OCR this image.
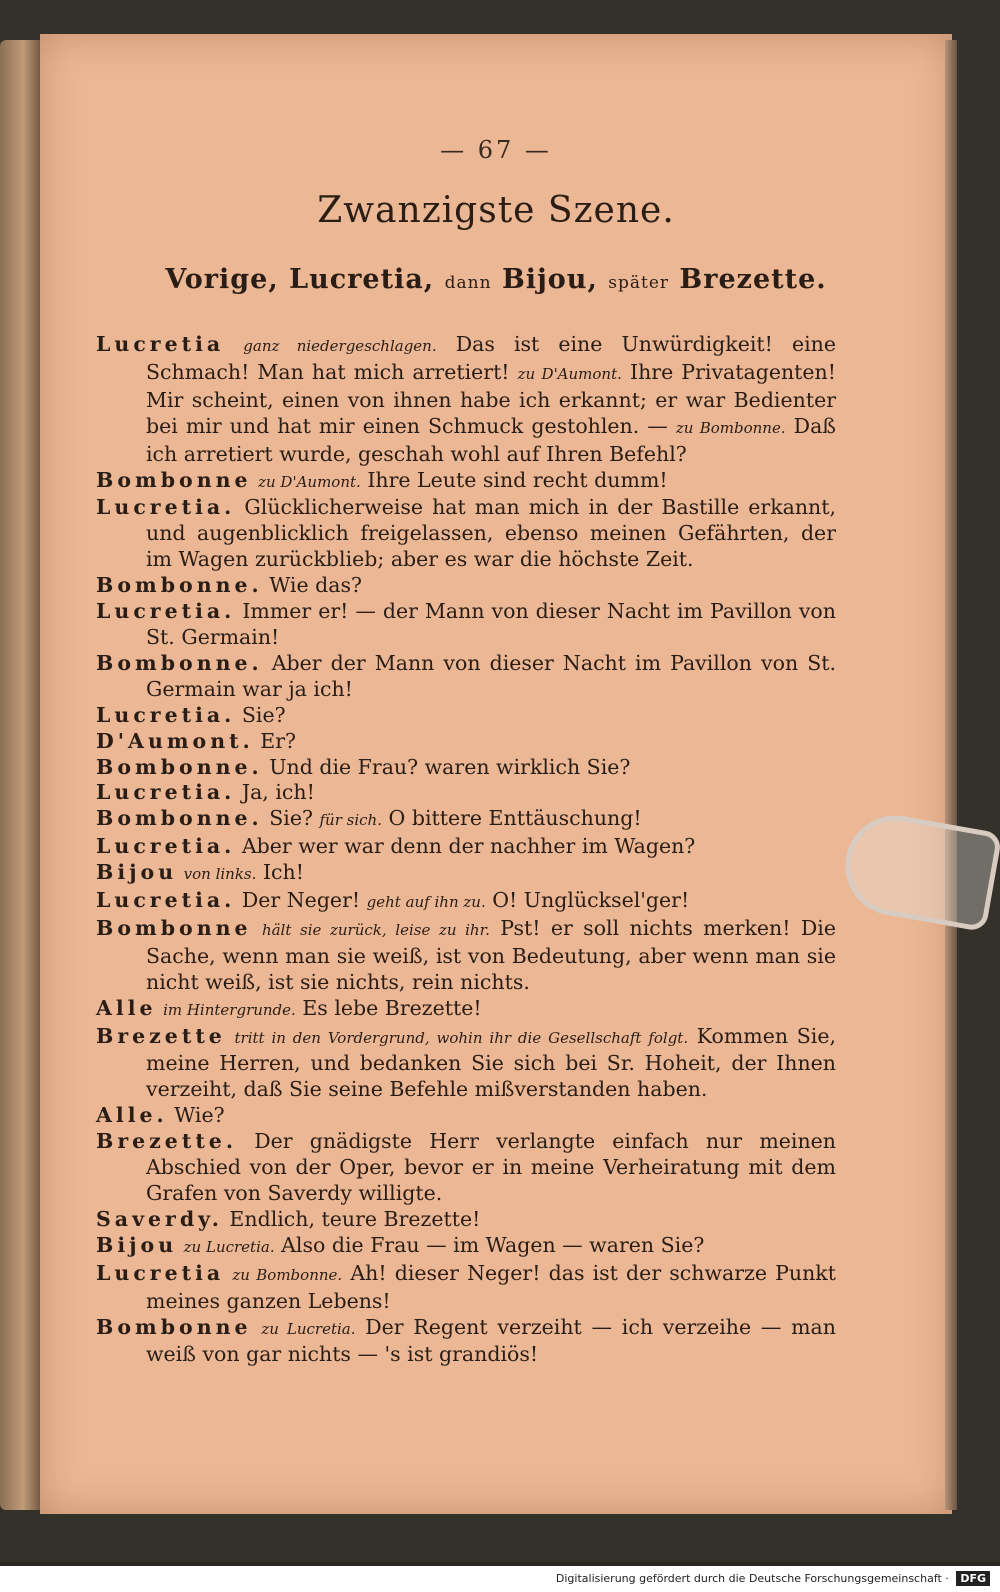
— 67 —
Zwanzigste Szene.
Vorige, Lucretia, dann Bijou, später Brezette.
Lucretia ganz niedergeschlagen. Das ist eine Unwürdigkeit! eine Schmach! Man hat mich arretiert! zu D'Aumont. Ihre Privatagenten! Mir scheint, einen von ihnen habe ich erkannt; er war Bedienter bei mir und hat mir einen Schmuck gestohlen. — zu Bombonne. Daß ich arretiert wurde, geschah wohl auf Ihren Befehl?
Bombonne zu D'Aumont. Ihre Leute sind recht dumm!
Lucretia. Glücklicherweise hat man mich in der Bastille erkannt, und augenblicklich freigelassen, ebenso meinen Gefährten, der im Wagen zurückblieb; aber es war die höchste Zeit.
Bombonne. Wie das?
Lucretia. Immer er! — der Mann von dieser Nacht im Pavillon von St. Germain!
Bombonne. Aber der Mann von dieser Nacht im Pavillon von St. Germain war ja ich!
Lucretia. Sie?
D'Aumont. Er?
Bombonne. Und die Frau? waren wirklich Sie?
Lucretia. Ja, ich!
Bombonne. Sie? für sich. O bittere Enttäuschung!
Lucretia. Aber wer war denn der nachher im Wagen?
Bijou von links. Ich!
Lucretia. Der Neger! geht auf ihn zu. O! Unglücksel'ger!
Bombonne hält sie zurück, leise zu ihr. Pst! er soll nichts merken! Die Sache, wenn man sie weiß, ist von Bedeutung, aber wenn man sie nicht weiß, ist sie nichts, rein nichts.
Alle im Hintergrunde. Es lebe Brezette!
Brezette tritt in den Vordergrund, wohin ihr die Gesellschaft folgt. Kommen Sie, meine Herren, und bedanken Sie sich bei Sr. Hoheit, der Ihnen verzeiht, daß Sie seine Befehle mißverstanden haben.
Alle. Wie?
Brezette. Der gnädigste Herr verlangte einfach nur meinen Abschied von der Oper, bevor er in meine Verheiratung mit dem Grafen von Saverdy willigte.
Saverdy. Endlich, teure Brezette!
Bijou zu Lucretia. Also die Frau — im Wagen — waren Sie?
Lucretia zu Bombonne. Ah! dieser Neger! das ist der schwarze Punkt meines ganzen Lebens!
Bombonne zu Lucretia. Der Regent verzeiht — ich verzeihe — man weiß von gar nichts — 's ist grandiös!
Digitalisierung gefördert durch die Deutsche Forschungsgemeinschaft · DFG
